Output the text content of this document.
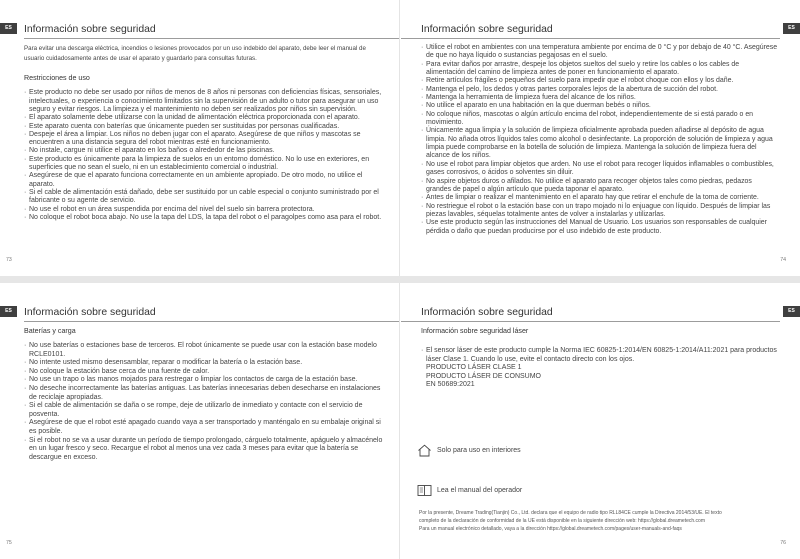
ES	Información sobre seguridad

Para evitar una descarga eléctrica, incendios o lesiones provocados por un uso indebido del aparato, debe leer el manual de usuario cuidadosamente antes de usar el aparato y guardarlo para consultas futuras.

Restricciones de uso
· Este producto no debe ser usado por niños de menos de 8 años ni personas con deficiencias físicas, sensoriales, intelectuales, o experiencia o conocimiento limitados sin la supervisión de un adulto o tutor para asegurar un uso seguro y evitar riesgos. La limpieza y el mantenimiento no deben ser realizados por niños sin supervisión.
· El aparato solamente debe utilizarse con la unidad de alimentación eléctrica proporcionada con el aparato.
· Este aparato cuenta con baterías que únicamente pueden ser sustituidas por personas cualificadas.
· Despeje el área a limpiar. Los niños no deben jugar con el aparato. Asegúrese de que niños y mascotas se encuentren a una distancia segura del robot mientras esté en funcionamiento.
· No instale, cargue ni utilice el aparato en los baños o alrededor de las piscinas.
· Este producto es únicamente para la limpieza de suelos en un entorno doméstico. No lo use en exteriores, en superficies que no sean el suelo, ni en un establecimiento comercial o industrial.
· Asegúrese de que el aparato funciona correctamente en un ambiente apropiado. De otro modo, no utilice el aparato.
· Si el cable de alimentación está dañado, debe ser sustituido por un cable especial o conjunto suministrado por el fabricante o su agente de servicio.
· No use el robot en un área suspendida por encima del nivel del suelo sin barrera protectora.
· No coloque el robot boca abajo. No use la tapa del LDS, la tapa del robot o el paragolpes como asa para el robot.
73
ES
Información sobre seguridad
· Utilice el robot en ambientes con una temperatura ambiente por encima de 0 °C y por debajo de 40 °C. Asegúrese de que no haya líquido o sustancias pegajosas en el suelo.
· Para evitar daños por arrastre, despeje los objetos sueltos del suelo y retire los cables o los cables de alimentación del camino de limpieza antes de poner en funcionamiento el aparato.
· Retire artículos frágiles o pequeños del suelo para impedir que el robot choque con ellos y los dañe.
· Mantenga el pelo, los dedos y otras partes corporales lejos de la abertura de succión del robot.
· Mantenga la herramienta de limpieza fuera del alcance de los niños.
· No utilice el aparato en una habitación en la que duerman bebés o niños.
· No coloque niños, mascotas o algún artículo encima del robot, independientemente de si está parado o en movimiento.
· Únicamente agua limpia y la solución de limpieza oficialmente aprobada pueden añadirse al depósito de agua limpia. No añada otros líquidos tales como alcohol o desinfectante. La proporción de solución de limpieza y agua limpia puede comprobarse en la botella de solución de limpieza. Mantenga la solución de limpieza fuera del alcance de los niños.
· No use el robot para limpiar objetos que arden. No use el robot para recoger líquidos inflamables o combustibles, gases corrosivos, o ácidos o solventes sin diluir.
· No aspire objetos duros o afilados. No utilice el aparato para recoger objetos tales como piedras, pedazos grandes de papel o algún artículo que pueda taponar el aparato.
· Antes de limpiar o realizar el mantenimiento en el aparato hay que retirar el enchufe de la toma de corriente.
· No restriegue el robot o la estación base con un trapo mojado ni lo enjuague con líquido. Después de limpiar las piezas lavables, séquelas totalmente antes de volver a instalarlas y utilizarlas.
· Use este producto según las instrucciones del Manual de Usuario. Los usuarios son responsables de cualquier pérdida o daño que puedan producirse por el uso indebido de este producto.
74
ES	Información sobre seguridad
Baterías y carga
· No use baterías o estaciones base de terceros. El robot únicamente se puede usar con la estación base modelo RCLE0101.
· No intente usted mismo desensamblar, reparar o modificar la batería o la estación base.
· No coloque la estación base cerca de una fuente de calor.
· No use un trapo o las manos mojados para restregar o limpiar los contactos de carga de la estación base.
· No deseche incorrectamente las baterías antiguas. Las baterías innecesarias deben desecharse en instalaciones de reciclaje apropiadas.
· Si el cable de alimentación se daña o se rompe, deje de utilizarlo de inmediato y contacte con el servicio de posventa.
· Asegúrese de que el robot esté apagado cuando vaya a ser transportado y manténgalo en su embalaje original si es posible.
· Si el robot no se va a usar durante un período de tiempo prolongado, cárguelo totalmente, apáguelo y almacénelo en un lugar fresco y seco. Recargue el robot al menos una vez cada 3 meses para evitar que la batería se descargue en exceso.
75
ES
Información sobre seguridad
Información sobre seguridad láser
· El sensor láser de este producto cumple la Norma IEC 60825-1:2014/EN 60825-1:2014/A11:2021 para productos láser Clase 1. Cuando lo use, evite el contacto directo con los ojos.
PRODUCTO LÁSER CLASE 1
PRODUCTO LÁSER DE CONSUMO
EN 50689:2021
Solo para uso en interiores
Lea el manual del operador
Por la presente, Dreame Trading(Tianjin) Co., Ltd. declara que el equipo de radio tipo RLL84CE cumple la Directiva 2014/53/UE. El texto
completo de la declaración de conformidad de la UE está disponible en la siguiente dirección web: https://global.dreametech.com
Para un manual electrónico detallado, vaya a la dirección https://global.dreametech.com/pages/user-manuals-and-faqs
76
